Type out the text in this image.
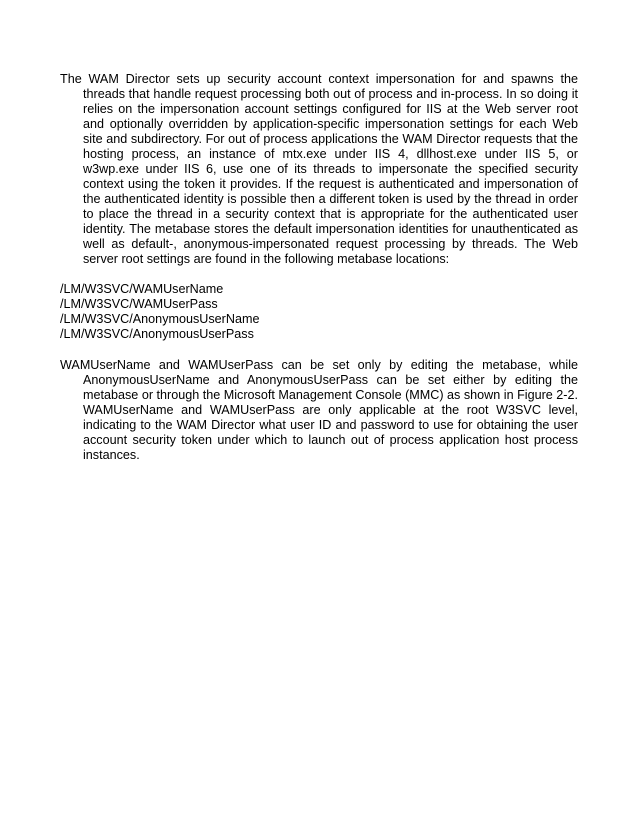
The WAM Director sets up security account context impersonation for and spawns the threads that handle request processing both out of process and in-process. In so doing it relies on the impersonation account settings configured for IIS at the Web server root and optionally overridden by application-specific impersonation settings for each Web site and subdirectory. For out of process applications the WAM Director requests that the hosting process, an instance of mtx.exe under IIS 4, dllhost.exe under IIS 5, or w3wp.exe under IIS 6, use one of its threads to impersonate the specified security context using the token it provides. If the request is authenticated and impersonation of the authenticated identity is possible then a different token is used by the thread in order to place the thread in a security context that is appropriate for the authenticated user identity. The metabase stores the default impersonation identities for unauthenticated as well as default-, anonymous-impersonated request processing by threads. The Web server root settings are found in the following metabase locations:

/LM/W3SVC/WAMUserName
/LM/W3SVC/WAMUserPass
/LM/W3SVC/AnonymousUserName
/LM/W3SVC/AnonymousUserPass

WAMUserName and WAMUserPass can be set only by editing the metabase, while AnonymousUserName and AnonymousUserPass can be set either by editing the metabase or through the Microsoft Management Console (MMC) as shown in Figure 2-2. WAMUserName and WAMUserPass are only applicable at the root W3SVC level, indicating to the WAM Director what user ID and password to use for obtaining the user account security token under which to launch out of process application host process instances.
